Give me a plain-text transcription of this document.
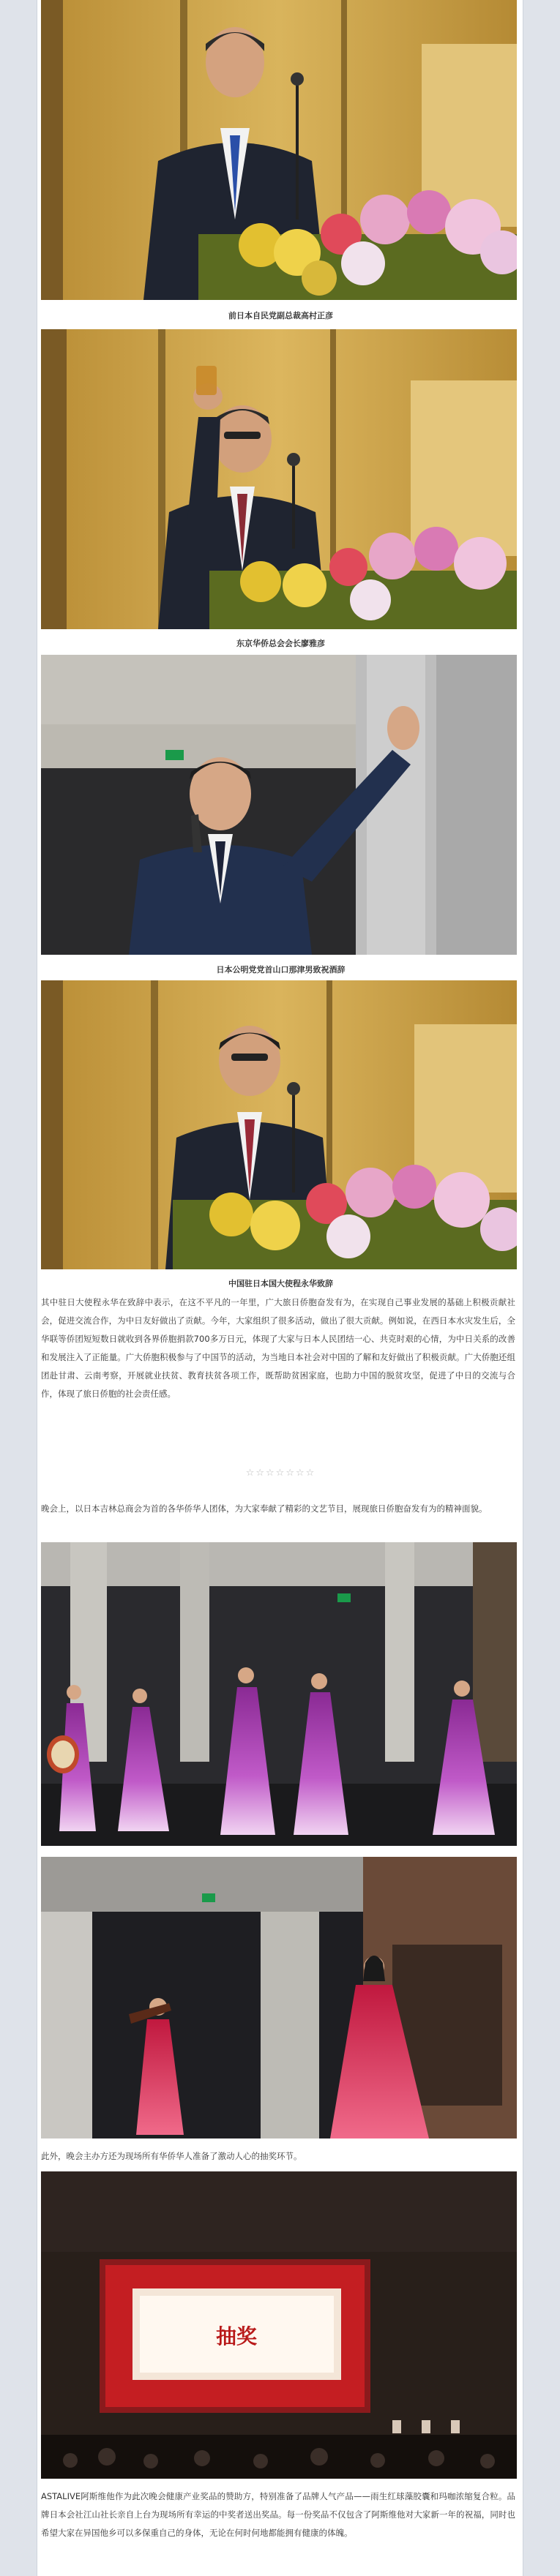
前日本自民党副总裁高村正彦
东京华侨总会会长廖雅彦
日本公明党党首山口那津男致祝酒辞
中国驻日本国大使程永华致辞
其中驻日大使程永华在致辞中表示，在这不平凡的一年里，广大旅日侨胞奋发有为，在实现自己事业发展的基础上积极贡献社会，促进交流合作，为中日友好做出了贡献。今年，大家组织了很多活动，做出了很大贡献。例如说，在西日本水灾发生后，全华联等侨团短短数日就收到各界侨胞捐款700多万日元，体现了大家与日本人民团结一心、共克时艰的心情，为中日关系的改善和发展注入了正能量。广大侨胞积极参与了中国节的活动，为当地日本社会对中国的了解和友好做出了积极贡献。广大侨胞还组团赴甘肃、云南考察，开展就业扶贫、教育扶贫各项工作，既帮助贫困家庭，也助力中国的脱贫攻坚，促进了中日的交流与合作，体现了旅日侨胞的社会责任感。
☆☆☆☆☆☆☆
晚会上，以日本吉林总商会为首的各华侨华人团体，为大家奉献了精彩的文艺节目，展现旅日侨胞奋发有为的精神面貌。
此外，晚会主办方还为现场所有华侨华人准备了激动人心的抽奖环节。
抽奖
ASTALIVE阿斯维他作为此次晚会健康产业奖品的赞助方，特别准备了品牌人气产品——雨生红球藻胶囊和玛咖浓缩复合粒。品牌日本会社江山社长亲自上台为现场所有幸运的中奖者送出奖品。每一份奖品不仅包含了阿斯维他对大家新一年的祝福，同时也希望大家在异国他乡可以多保重自己的身体，无论在何时何地都能拥有健康的体魄。
